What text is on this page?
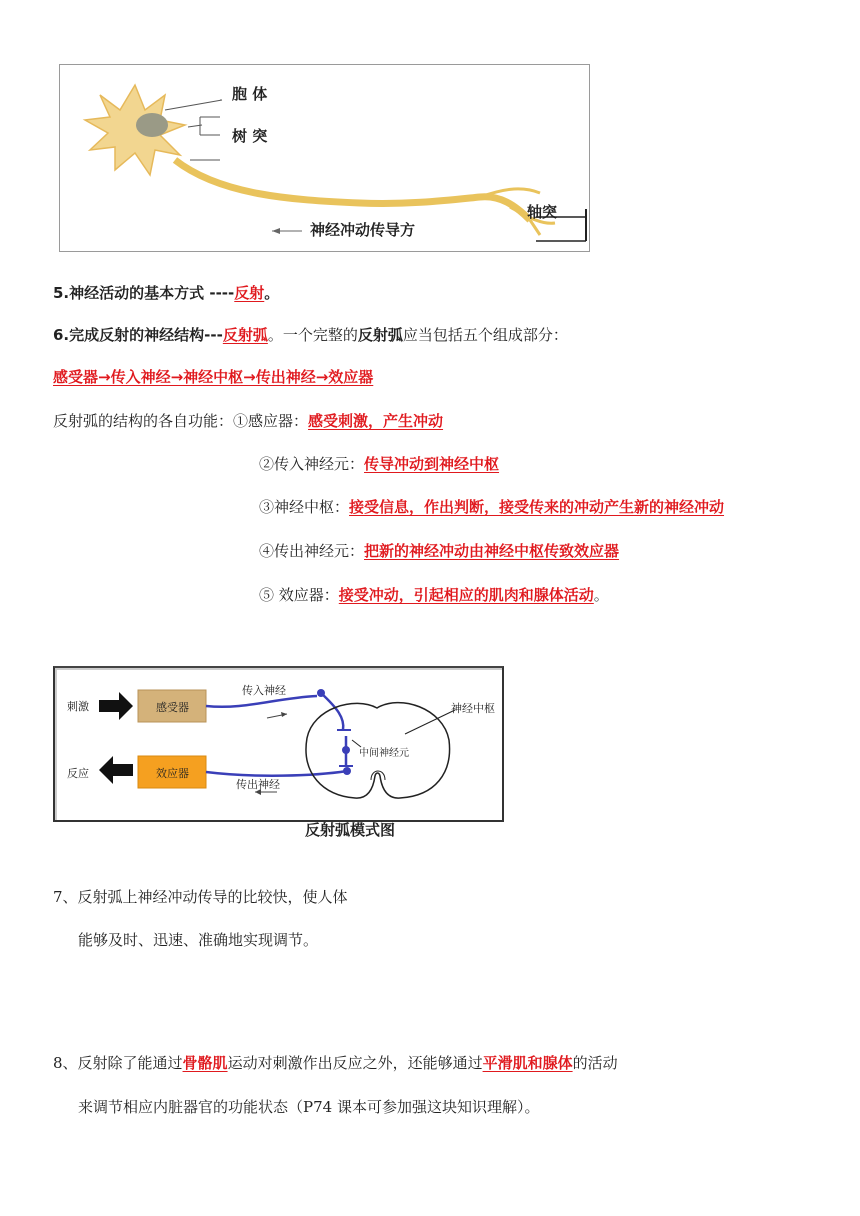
胞 体
树 突
轴突
神经冲动传导方
5.神经活动的基本方式 ----反射。
6.完成反射的神经结构---反射弧。一个完整的反射弧应当包括五个组成部分：
感受器→传入神经→神经中枢→传出神经→效应器
反射弧的结构的各自功能：①感应器：感受刺激，产生冲动
②传入神经元：传导冲动到神经中枢
③神经中枢：接受信息，作出判断，接受传来的冲动产生新的神经冲动
④传出神经元：把新的神经冲动由神经中枢传致效应器
⑤ 效应器：接受冲动，引起相应的肌肉和腺体活动。
刺激	感受器
传入神经
神经中枢
中间神经元
反应	效应器
传出神经
反射弧模式图
7、反射弧上神经冲动传导的比较快，使人体
能够及时、迅速、准确地实现调节。
8、反射除了能通过骨骼肌运动对刺激作出反应之外，还能够通过平滑肌和腺体的活动
来调节相应内脏器官的功能状态（P74 课本可参加强这块知识理解）。
